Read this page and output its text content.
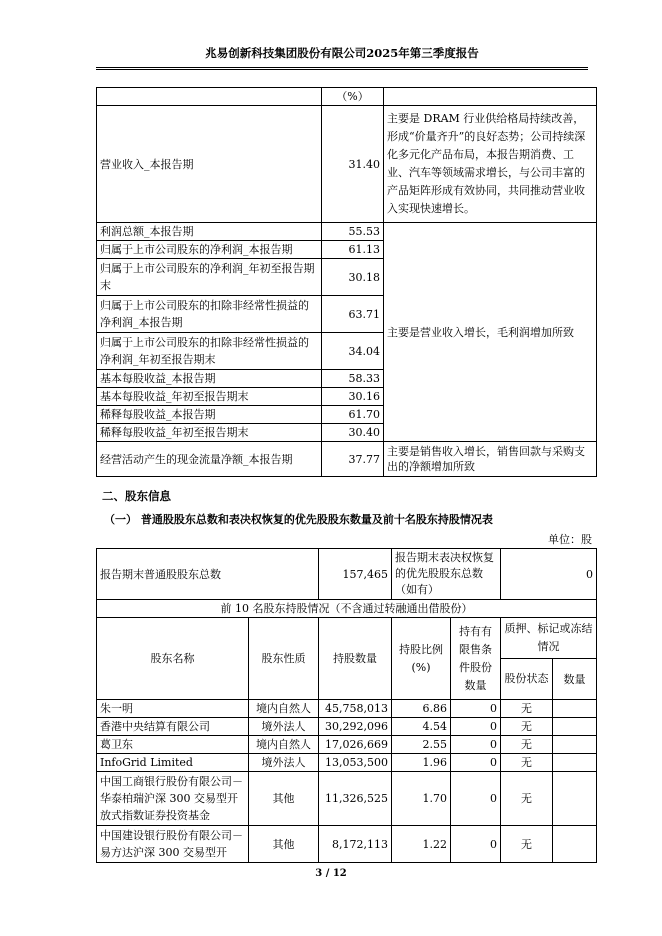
兆易创新科技集团股份有限公司2025年第三季度报告
	（%）	
营业收入_本报告期	31.40	主要是 DRAM 行业供给格局持续改善，形成“价量齐升”的良好态势；公司持续深化多元化产品布局，本报告期消费、工业、汽车等领域需求增长，与公司丰富的产品矩阵形成有效协同，共同推动营业收入实现快速增长。
利润总额_本报告期	55.53	主要是营业收入增长，毛利润增加所致
归属于上市公司股东的净利润_本报告期	61.13	
归属于上市公司股东的净利润_年初至报告期末	30.18	
归属于上市公司股东的扣除非经常性损益的净利润_本报告期	63.71	
归属于上市公司股东的扣除非经常性损益的净利润_年初至报告期末	34.04	
基本每股收益_本报告期	58.33	
基本每股收益_年初至报告期末	30.16	
稀释每股收益_本报告期	61.70	
稀释每股收益_年初至报告期末	30.40	
经营活动产生的现金流量净额_本报告期	37.77	主要是销售收入增长，销售回款与采购支出的净额增加所致
二、股东信息
（一） 普通股股东总数和表决权恢复的优先股股东数量及前十名股东持股情况表
单位：股
报告期末普通股股东总数		157,465	报告期末表决权恢复的优先股股东总数（如有）		0	
前 10 名股东持股情况（不含通过转融通出借股份）						
股东名称	股东性质	持股数量	持股比例(%)	持有有限售条件股份数量	质押、标记或冻结情况	
					股份状态	数量
朱一明	境内自然人	45,758,013	6.86	0	无	
香港中央结算有限公司	境外法人	30,292,096	4.54	0	无	
葛卫东	境内自然人	17,026,669	2.55	0	无	
InfoGrid Limited	境外法人	13,053,500	1.96	0	无	
中国工商银行股份有限公司－华泰柏瑞沪深 300 交易型开放式指数证券投资基金	其他	11,326,525	1.70	0	无	
中国建设银行股份有限公司－易方达沪深 300 交易型开	其他	8,172,113	1.22	0	无	
3 / 12
